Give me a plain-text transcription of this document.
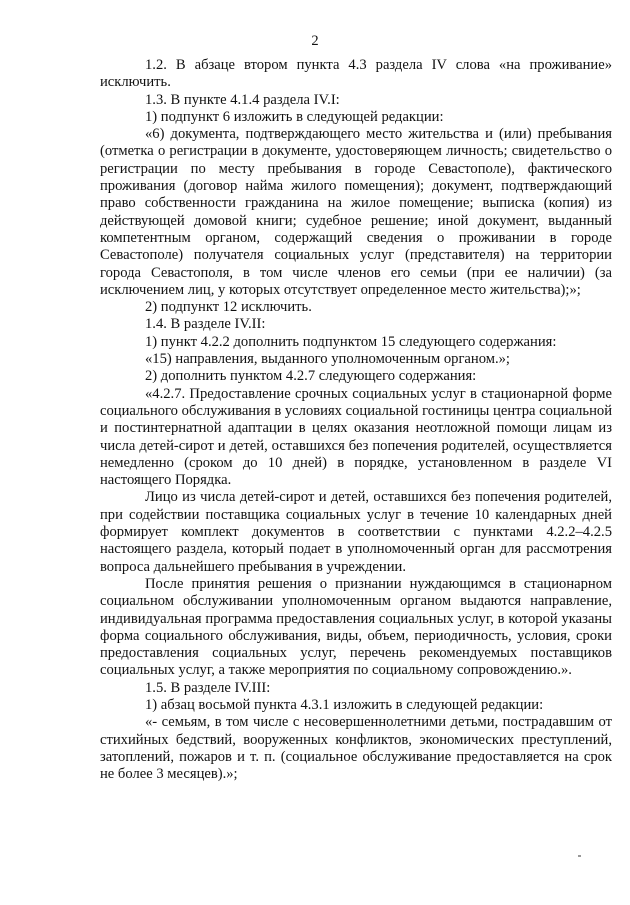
2

1.2. В абзаце втором пункта 4.3 раздела IV слова «на проживание» исключить.

1.3. В пункте 4.1.4 раздела IV.I:

1) подпункт 6 изложить в следующей редакции:

«6) документа, подтверждающего место жительства и (или) пребывания (отметка о регистрации в документе, удостоверяющем личность; свидетельство о регистрации по месту пребывания в городе Севастополе), фактического проживания (договор найма жилого помещения); документ, подтверждающий право собственности гражданина на жилое помещение; выписка (копия) из действующей домовой книги; судебное решение; иной документ, выданный компетентным органом, содержащий сведения о проживании в городе Севастополе) получателя социальных услуг (представителя) на территории города Севастополя, в том числе членов его семьи (при ее наличии) (за исключением лиц, у которых отсутствует определенное место жительства);»;

2) подпункт 12 исключить.

1.4. В разделе IV.II:

1) пункт 4.2.2 дополнить подпунктом 15 следующего содержания:

«15) направления, выданного уполномоченным органом.»;

2) дополнить пунктом 4.2.7 следующего содержания:

«4.2.7. Предоставление срочных социальных услуг в стационарной форме социального обслуживания в условиях социальной гостиницы центра социальной и постинтернатной адаптации в целях оказания неотложной помощи лицам из числа детей-сирот и детей, оставшихся без попечения родителей, осуществляется немедленно (сроком до 10 дней) в порядке, установленном в разделе VI настоящего Порядка.

Лицо из числа детей-сирот и детей, оставшихся без попечения родителей, при содействии поставщика социальных услуг в течение 10 календарных дней формирует комплект документов в соответствии с пунктами 4.2.2–4.2.5 настоящего раздела, который подает в уполномоченный орган для рассмотрения вопроса дальнейшего пребывания в учреждении.

После принятия решения о признании нуждающимся в стационарном социальном обслуживании уполномоченным органом выдаются направление, индивидуальная программа предоставления социальных услуг, в которой указаны форма социального обслуживания, виды, объем, периодичность, условия, сроки предоставления социальных услуг, перечень рекомендуемых поставщиков социальных услуг, а также мероприятия по социальному сопровождению.».

1.5. В разделе IV.III:

1) абзац восьмой пункта 4.3.1 изложить в следующей редакции:

«- семьям, в том числе с несовершеннолетними детьми, пострадавшим от стихийных бедствий, вооруженных конфликтов, экономических преступлений, затоплений, пожаров и т. п. (социальное обслуживание предоставляется на срок не более 3 месяцев).»;
